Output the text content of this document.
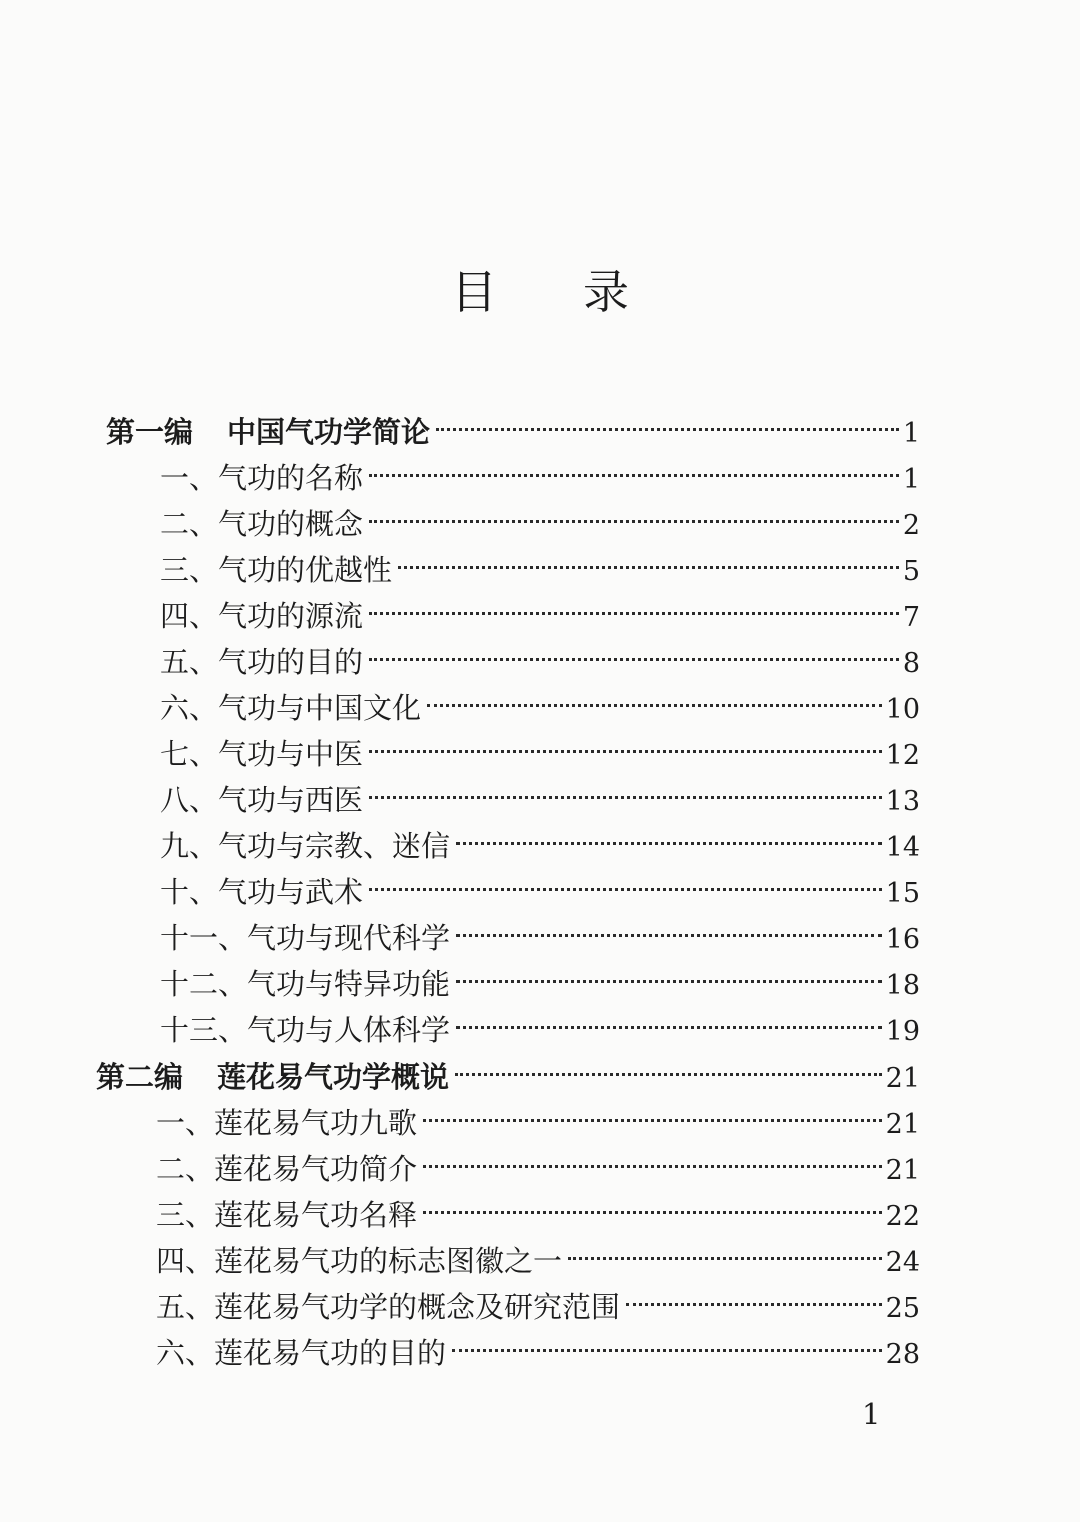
目 录
第一编 中国气功学简论	1
一、气功的名称	1
二、气功的概念	2
三、气功的优越性	5
四、气功的源流	7
五、气功的目的	8
六、气功与中国文化	10
七、气功与中医	12
八、气功与西医	13
九、气功与宗教、迷信	14
十、气功与武术	15
十一、气功与现代科学	16
十二、气功与特异功能	18
十三、气功与人体科学	19
第二编 莲花易气功学概说	21
一、莲花易气功九歌	21
二、莲花易气功简介	21
三、莲花易气功名释	22
四、莲花易气功的标志图徽之一	24
五、莲花易气功学的概念及研究范围	25
六、莲花易气功的目的	28
1
